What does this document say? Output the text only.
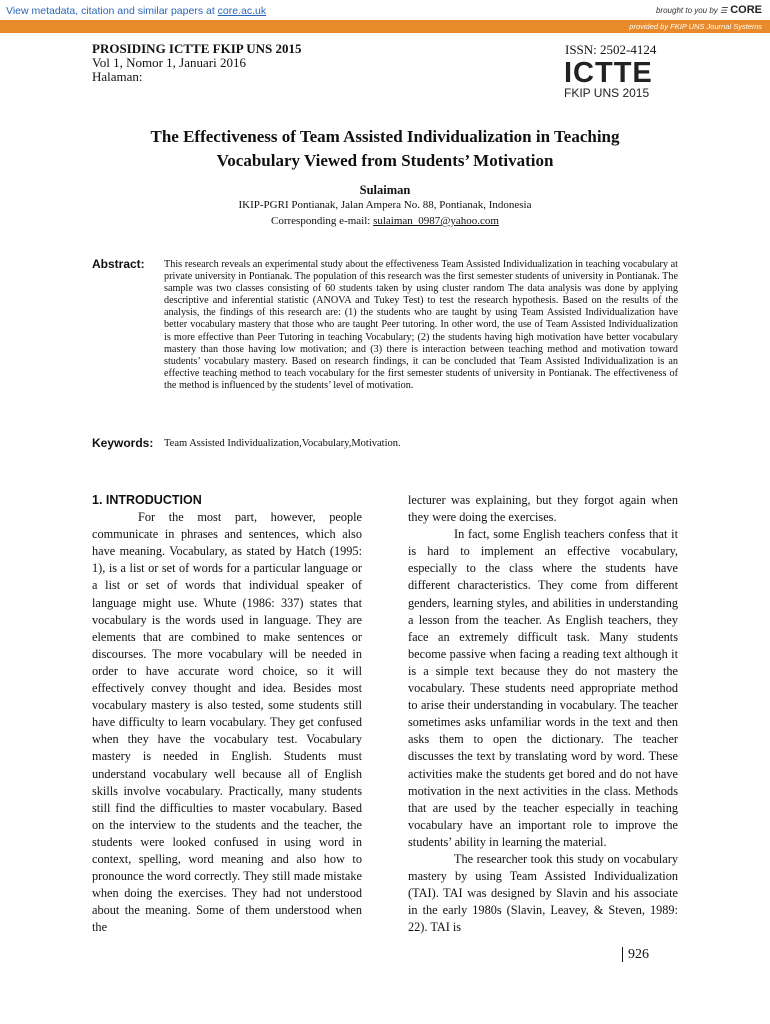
View metadata, citation and similar papers at core.ac.uk	brought to you by ☰ CORE
provided by FKIP UNS Journal Systems
PROSIDING ICTTE FKIP UNS 2015
Vol 1, Nomor 1, Januari 2016
Halaman:
ISSN: 2502-4124
ICTTE
FKIP UNS 2015
The Effectiveness of Team Assisted Individualization in Teaching
Vocabulary Viewed from Students’ Motivation
Sulaiman
IKIP-PGRI Pontianak, Jalan Ampera No. 88, Pontianak, Indonesia
Corresponding e-mail: sulaiman_0987@yahoo.com
Abstract: This research reveals an experimental study about the effectiveness Team Assisted Individualization in teaching vocabulary at private university in Pontianak. The population of this research was the first semester students of university in Pontianak. The sample was two classes consisting of 60 students taken by using cluster random The data analysis was done by applying descriptive and inferential statistic (ANOVA and Tukey Test) to test the research hypothesis. Based on the results of the analysis, the findings of this research are: (1) the students who are taught by using Team Assisted Individualization have better vocabulary mastery that those who are taught Peer tutoring. In other word, the use of Team Assisted Individualization is more effective than Peer Tutoring in teaching Vocabulary; (2) the students having high motivation have better vocabulary mastery than those having low motivation; and (3) there is interaction between teaching method and motivation toward students’ vocabulary mastery. Based on research findings, it can be concluded that Team Assisted Individualization is an effective teaching method to teach vocabulary for the first semester students of university in Pontianak. The effectiveness of the method is influenced by the students’ level of motivation.
Keywords: Team Assisted Individualization,Vocabulary,Motivation.

1. INTRODUCTION

For the most part, however, people communicate in phrases and sentences, which also have meaning. Vocabulary, as stated by Hatch (1995: 1), is a list or set of words for a particular language or a list or set of words that individual speaker of language might use. Whute (1986: 337) states that vocabulary is the words used in language. They are elements that are combined to make sentences or discourses. The more vocabulary will be needed in order to have accurate word choice, so it will effectively convey thought and idea. Besides most vocabulary mastery is also tested, some students still have difficulty to learn vocabulary. They get confused when they have the vocabulary test. Vocabulary mastery is needed in English. Students must understand vocabulary well because all of English skills involve vocabulary. Practically, many students still find the difficulties to master vocabulary. Based on the interview to the students and the teacher, the students were looked confused in using word in context, spelling, word meaning and also how to pronounce the word correctly. They still made mistake when doing the exercises. They had not understood about the meaning. Some of them understood when the

lecturer was explaining, but they forgot again when they were doing the exercises.

In fact, some English teachers confess that it is hard to implement an effective vocabulary, especially to the class where the students have different characteristics. They come from different genders, learning styles, and abilities in understanding a lesson from the teacher. As English teachers, they face an extremely difficult task. Many students become passive when facing a reading text although it is a simple text because they do not mastery the vocabulary. These students need appropriate method to arise their understanding in vocabulary. The teacher sometimes asks unfamiliar words in the text and then asks them to open the dictionary. The teacher discusses the text by translating word by word. These activities make the students get bored and do not have motivation in the next activities in the class. Methods that are used by the teacher especially in teaching vocabulary have an important role to improve the students’ ability in learning the material.

The researcher took this study on vocabulary mastery by using Team Assisted Individualization (TAI). TAI was designed by Slavin and his associate in the early 1980s (Slavin, Leavey, & Steven, 1989: 22). TAI is

926
